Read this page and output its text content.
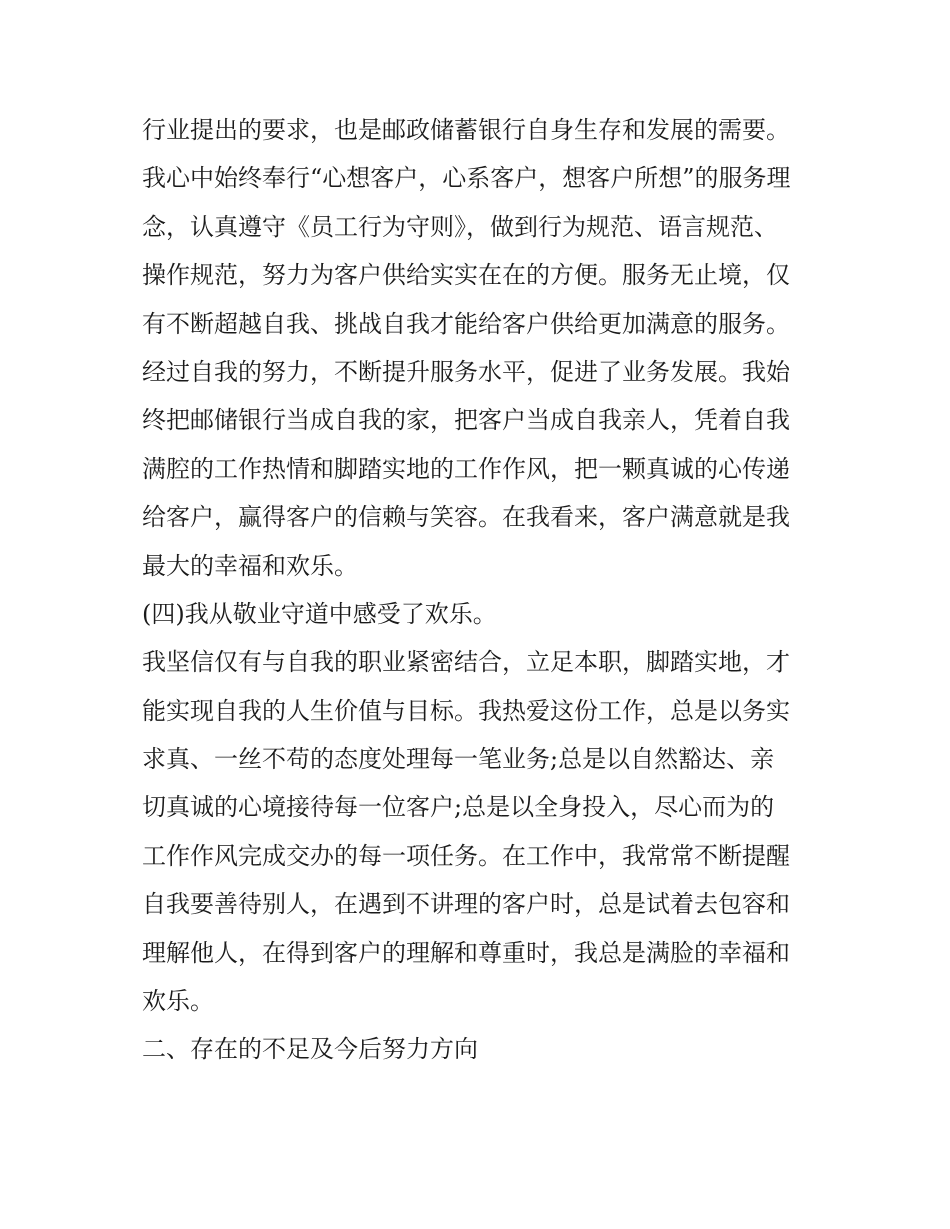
行业提出的要求，也是邮政储蓄银行自身生存和发展的需要。
我心中始终奉行“心想客户，心系客户，想客户所想”的服务理
念，认真遵守《员工行为守则》，做到行为规范、语言规范、
操作规范，努力为客户供给实实在在的方便。服务无止境，仅
有不断超越自我、挑战自我才能给客户供给更加满意的服务。
经过自我的努力，不断提升服务水平，促进了业务发展。我始
终把邮储银行当成自我的家，把客户当成自我亲人，凭着自我
满腔的工作热情和脚踏实地的工作作风，把一颗真诚的心传递
给客户，赢得客户的信赖与笑容。在我看来，客户满意就是我
最大的幸福和欢乐。
(四)我从敬业守道中感受了欢乐。
我坚信仅有与自我的职业紧密结合，立足本职，脚踏实地，才
能实现自我的人生价值与目标。我热爱这份工作，总是以务实
求真、一丝不苟的态度处理每一笔业务;总是以自然豁达、亲
切真诚的心境接待每一位客户;总是以全身投入，尽心而为的
工作作风完成交办的每一项任务。在工作中，我常常不断提醒
自我要善待别人，在遇到不讲理的客户时，总是试着去包容和
理解他人，在得到客户的理解和尊重时，我总是满脸的幸福和
欢乐。
二、存在的不足及今后努力方向
